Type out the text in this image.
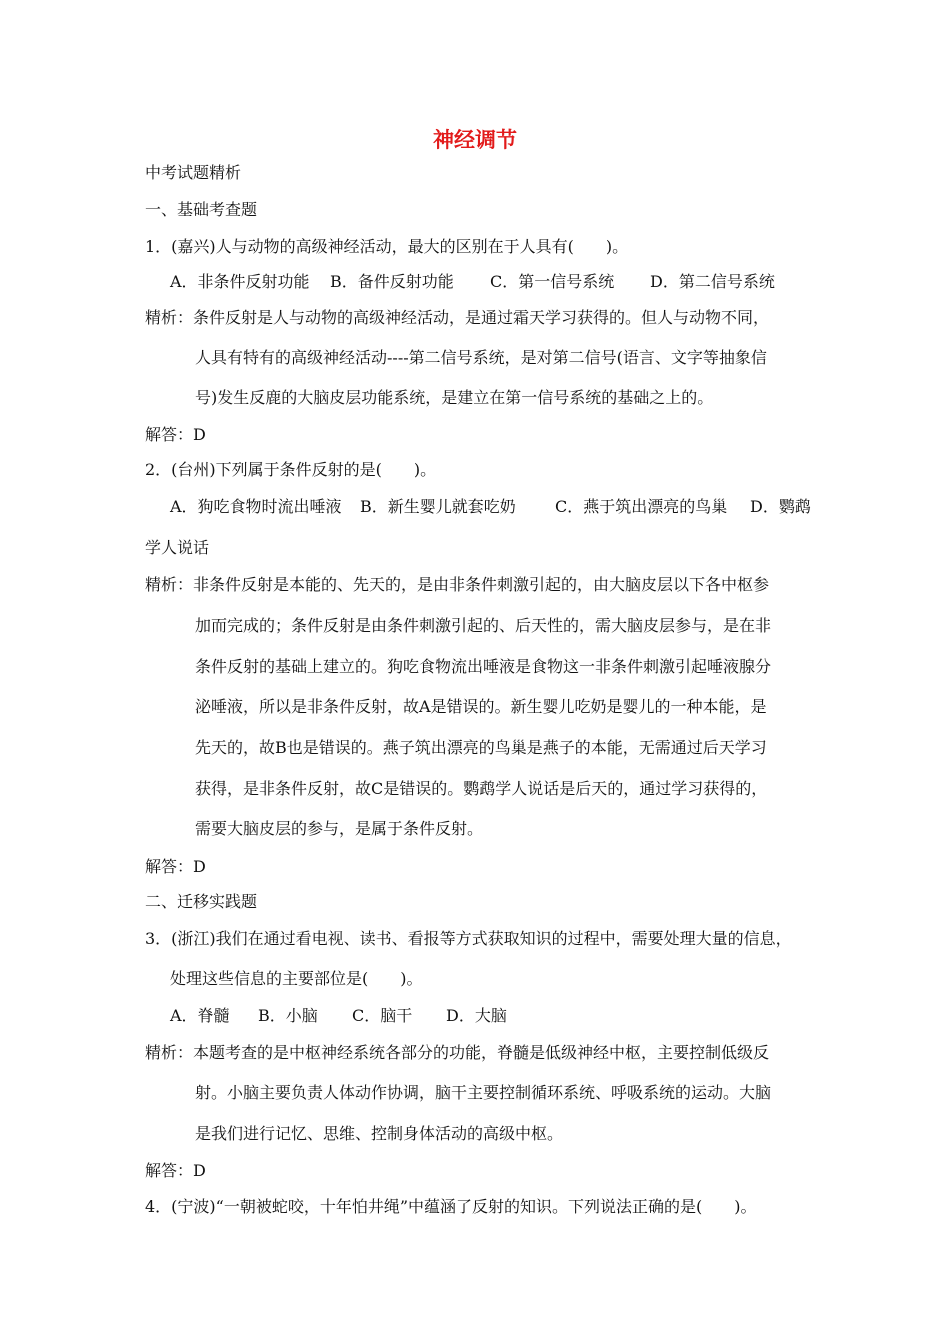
神经调节
中考试题精析
一、基础考查题
1．(嘉兴)人与动物的高级神经活动，最大的区别在于人具有(　　)。
A．非条件反射功能 B．备件反射功能 C．第一信号系统 D．第二信号系统
精析：条件反射是人与动物的高级神经活动，是通过霜天学习获得的。但人与动物不同，
人具有特有的高级神经活动----第二信号系统，是对第二信号(语言、文字等抽象信
号)发生反鹿的大脑皮层功能系统，是建立在第一信号系统的基础之上的。
解答：D
2．(台州)下列属于条件反射的是(　　)。
A．狗吃食物时流出唾液 B．新生婴儿就套吃奶 C．燕于筑出漂亮的鸟巢 D．鹦鹉
学人说话
精析：非条件反射是本能的、先天的，是由非条件刺激引起的，由大脑皮层以下各中枢参
加而完成的；条件反射是由条件刺激引起的、后天性的，需大脑皮层参与，是在非
条件反射的基础上建立的。狗吃食物流出唾液是食物这一非条件刺激引起唾液腺分
泌唾液，所以是非条件反射，故A是错误的。新生婴儿吃奶是婴儿的一种本能，是
先天的，故B也是错误的。燕子筑出漂亮的鸟巢是燕子的本能，无需通过后天学习
获得，是非条件反射，故C是错误的。鹦鹉学人说话是后天的，通过学习获得的，
需要大脑皮层的参与，是属于条件反射。
解答：D
二、迁移实践题
3．(浙江)我们在通过看电视、读书、看报等方式获取知识的过程中，需要处理大量的信息，
处理这些信息的主要部位是(　　)。
A．脊髓 B．小脑 C．脑干 D．大脑
精析：本题考查的是中枢神经系统各部分的功能，脊髓是低级神经中枢，主要控制低级反
射。小脑主要负责人体动作协调，脑干主要控制循环系统、呼吸系统的运动。大脑
是我们进行记忆、思维、控制身体活动的高级中枢。
解答：D
4．(宁波)“一朝被蛇咬，十年怕井绳”中蕴涵了反射的知识。下列说法正确的是(　　)。
